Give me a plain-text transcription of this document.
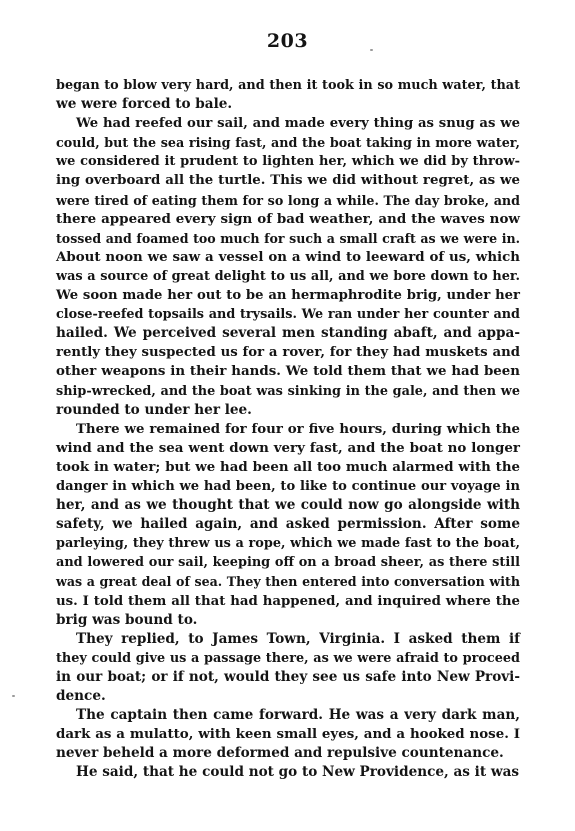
203

began to blow very hard, and then it took in so much water, that
we were forced to bale.

We had reefed our sail, and made every thing as snug as we
could, but the sea rising fast, and the boat taking in more water,
we considered it prudent to lighten her, which we did by throw-
ing overboard all the turtle. This we did without regret, as we
were tired of eating them for so long a while. The day broke, and
there appeared every sign of bad weather, and the waves now
tossed and foamed too much for such a small craft as we were in.
About noon we saw a vessel on a wind to leeward of us, which
was a source of great delight to us all, and we bore down to her.
We soon made her out to be an hermaphrodite brig, under her
close-reefed topsails and trysails. We ran under her counter and
hailed. We perceived several men standing abaft, and appa-
rently they suspected us for a rover, for they had muskets and
other weapons in their hands. We told them that we had been
ship-wrecked, and the boat was sinking in the gale, and then we
rounded to under her lee.

There we remained for four or five hours, during which the
wind and the sea went down very fast, and the boat no longer
took in water; but we had been all too much alarmed with the
danger in which we had been, to like to continue our voyage in
her, and as we thought that we could now go alongside with
safety, we hailed again, and asked permission. After some
parleying, they threw us a rope, which we made fast to the boat,
and lowered our sail, keeping off on a broad sheer, as there still
was a great deal of sea. They then entered into conversation with
us. I told them all that had happened, and inquired where the
brig was bound to.

They replied, to James Town, Virginia. I asked them if
they could give us a passage there, as we were afraid to proceed
in our boat; or if not, would they see us safe into New Provi-
dence.

The captain then came forward. He was a very dark man,
dark as a mulatto, with keen small eyes, and a hooked nose. I
never beheld a more deformed and repulsive countenance.

He said, that he could not go to New Providence, as it was
